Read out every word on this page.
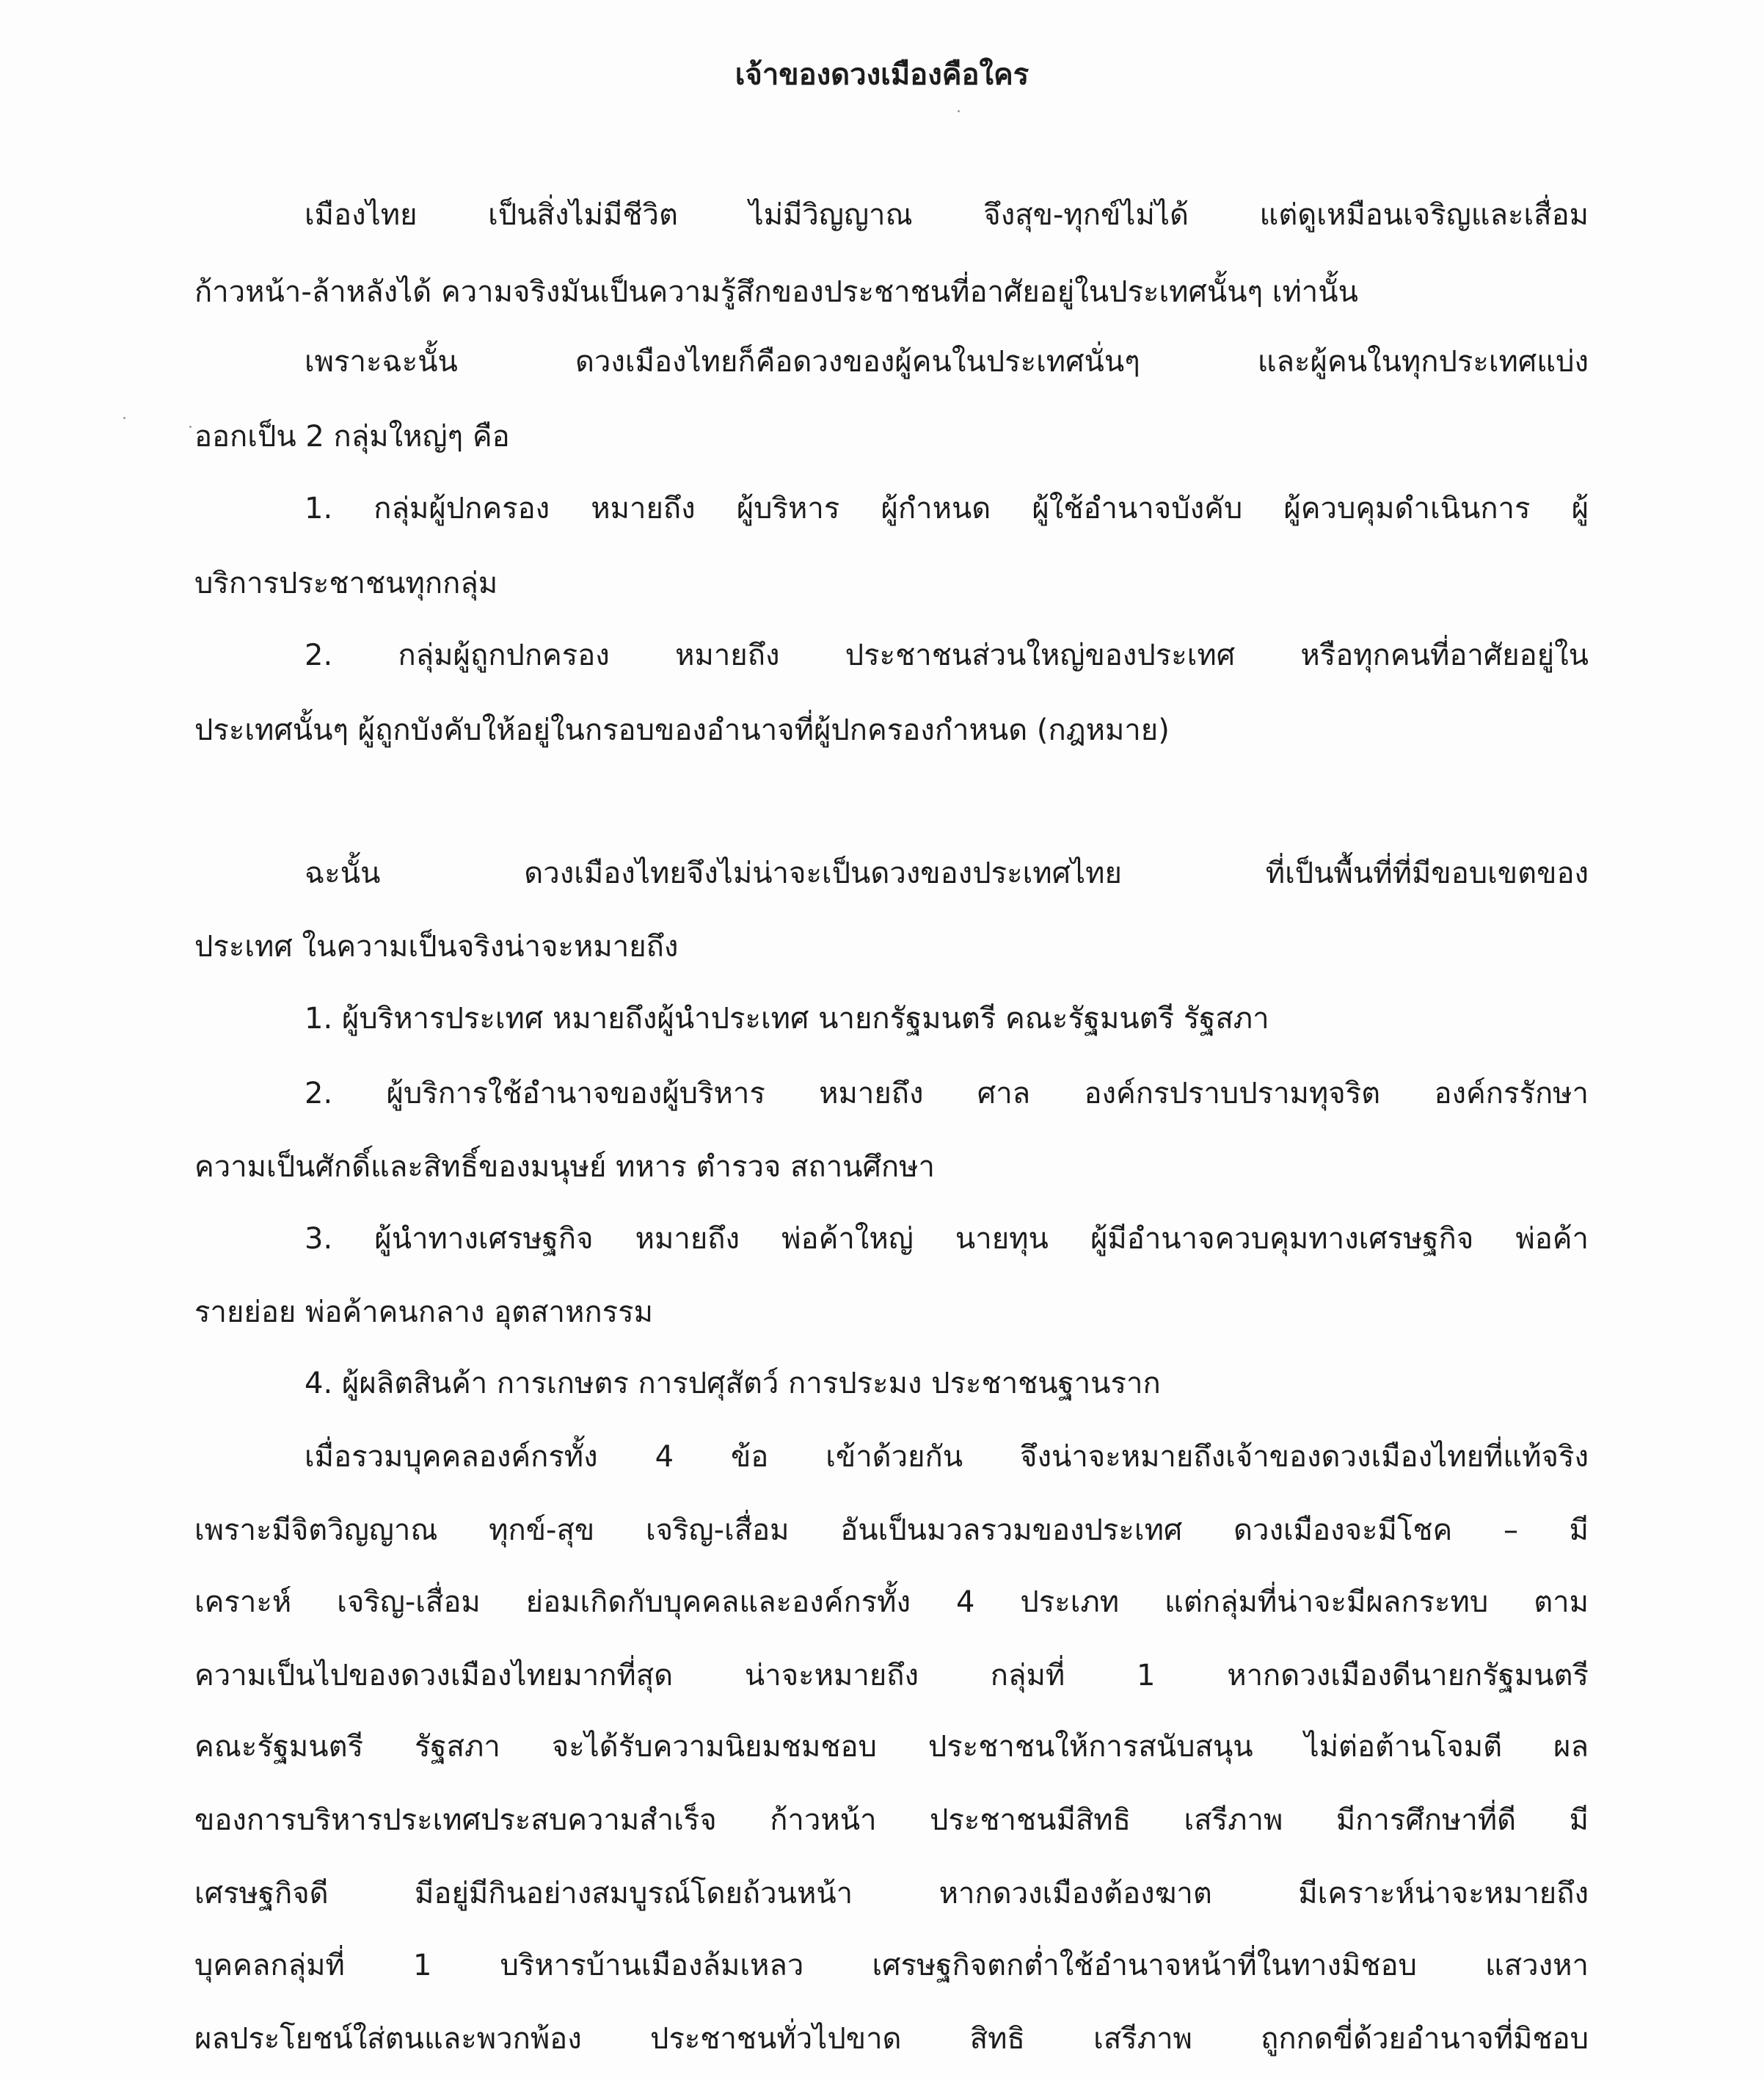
เจ้าของดวงเมืองคือใคร
เมืองไทย เป็นสิ่งไม่มีชีวิต ไม่มีวิญญาณ จึงสุข-ทุกข์ไม่ได้ แต่ดูเหมือนเจริญและเสื่อม
ก้าวหน้า-ล้าหลังได้ ความจริงมันเป็นความรู้สึกของประชาชนที่อาศัยอยู่ในประเทศนั้นๆ เท่านั้น
เพราะฉะนั้น ดวงเมืองไทยก็คือดวงของผู้คนในประเทศนั่นๆ และผู้คนในทุกประเทศแบ่ง
ออกเป็น 2 กลุ่มใหญ่ๆ คือ
1. กลุ่มผู้ปกครอง หมายถึง ผู้บริหาร ผู้กำหนด ผู้ใช้อำนาจบังคับ ผู้ควบคุมดำเนินการ ผู้
บริการประชาชนทุกกลุ่ม
2. กลุ่มผู้ถูกปกครอง หมายถึง ประชาชนส่วนใหญ่ของประเทศ หรือทุกคนที่อาศัยอยู่ใน
ประเทศนั้นๆ ผู้ถูกบังคับให้อยู่ในกรอบของอำนาจที่ผู้ปกครองกำหนด (กฎหมาย)
ฉะนั้น ดวงเมืองไทยจึงไม่น่าจะเป็นดวงของประเทศไทย ที่เป็นพื้นที่ที่มีขอบเขตของ
ประเทศ ในความเป็นจริงน่าจะหมายถึง
1. ผู้บริหารประเทศ หมายถึงผู้นำประเทศ นายกรัฐมนตรี คณะรัฐมนตรี รัฐสภา
2. ผู้บริการใช้อำนาจของผู้บริหาร หมายถึง ศาล องค์กรปราบปรามทุจริต องค์กรรักษา
ความเป็นศักดิ์และสิทธิ์ของมนุษย์ ทหาร ตำรวจ สถานศึกษา
3. ผู้นำทางเศรษฐกิจ หมายถึง พ่อค้าใหญ่ นายทุน ผู้มีอำนาจควบคุมทางเศรษฐกิจ พ่อค้า
รายย่อย พ่อค้าคนกลาง อุตสาหกรรม
4. ผู้ผลิตสินค้า การเกษตร การปศุสัตว์ การประมง ประชาชนฐานราก
เมื่อรวมบุคคลองค์กรทั้ง 4 ข้อ เข้าด้วยกัน จึงน่าจะหมายถึงเจ้าของดวงเมืองไทยที่แท้จริง
เพราะมีจิตวิญญาณ ทุกข์-สุข เจริญ-เสื่อม อันเป็นมวลรวมของประเทศ ดวงเมืองจะมีโชค – มี
เคราะห์ เจริญ-เสื่อม ย่อมเกิดกับบุคคลและองค์กรทั้ง 4 ประเภท แต่กลุ่มที่น่าจะมีผลกระทบ ตาม
ความเป็นไปของดวงเมืองไทยมากที่สุด น่าจะหมายถึง กลุ่มที่ 1 หากดวงเมืองดีนายกรัฐมนตรี
คณะรัฐมนตรี รัฐสภา จะได้รับความนิยมชมชอบ ประชาชนให้การสนับสนุน ไม่ต่อต้านโจมตี ผล
ของการบริหารประเทศประสบความสำเร็จ ก้าวหน้า ประชาชนมีสิทธิ เสรีภาพ มีการศึกษาที่ดี มี
เศรษฐกิจดี มีอยู่มีกินอย่างสมบูรณ์โดยถ้วนหน้า หากดวงเมืองต้องฆาต มีเคราะห์น่าจะหมายถึง
บุคคลกลุ่มที่ 1 บริหารบ้านเมืองล้มเหลว เศรษฐกิจตกต่ำใช้อำนาจหน้าที่ในทางมิชอบ แสวงหา
ผลประโยชน์ใส่ตนและพวกพ้อง ประชาชนทั่วไปขาด สิทธิ เสรีภาพ ถูกกดขี่ด้วยอำนาจที่มิชอบ
